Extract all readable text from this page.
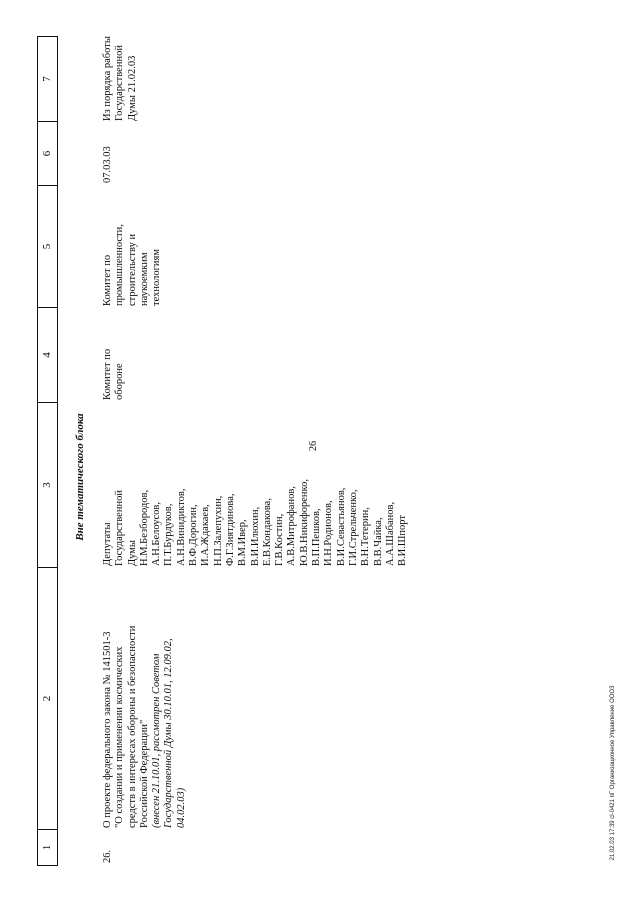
26
1
2
3
4
5
6
7
Вне тематического блока
26.
О проекте федерального закона № 141501-3 "О создании и применении космических средств в интересах обороны и безопасности Российской Федерации" (внесен 21.10.01, рассмотрен Советом Государственной Думы 30.10.01, 12.09.02, 04.02.03)
Депутаты Государственной Думы Н.М.Безбородов, А.Н.Белоусов, П.Т.Бурдуков, А.Н.Винидиктов, В.Ф.Дорогин, И.А.Ждакаев, Н.П.Залепухин, Ф.Г.Зиятдинова, В.М.Ивер, В.И.Илюхин, Е.В.Кондакова, Г.В.Костин, А.В.Митрофанов, Ю.В.Никифоренко, В.П.Пешков, И.Н.Родионов, В.И.Севастьянов, Г.И.Стрельченко, В.Н.Тетерин, В.В.Чайка, А.А.Шабанов, В.И.Шпорт
Комитет по обороне
Комитет по промышленности, строительству и наукоемким технологиям
07.03.03
Из порядка работы Государственной Думы 21.02.03
21.02.03 17:39 cl-0421 пГ Организационное Управление ООО3
